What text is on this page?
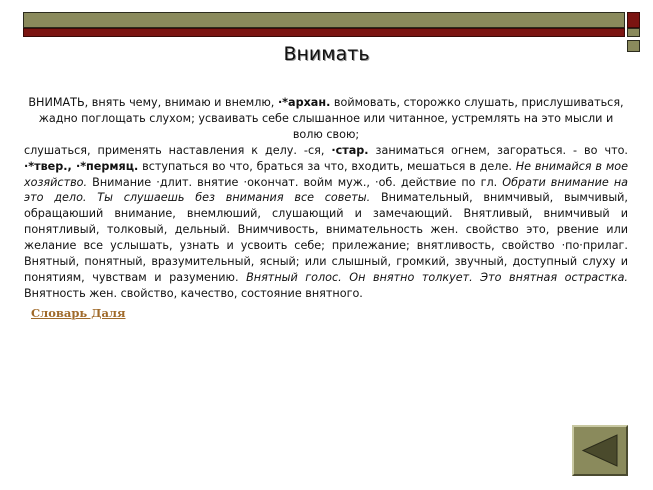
Внимать
ВНИМАТЬ, внять чему, внимаю и внемлю, ·*архан. воймовать, сторожко слушать, прислушиваться, жадно поглощать слухом; усваивать себе слышанное или читанное, устремлять на это мысли и волю свою;
слушаться, применять наставления к делу. -ся, ·стар. заниматься огнем, загораться. - во что. ·*твер., ·*пермяц. вступаться во что, браться за что, входить, мешаться в деле. Не внимайся в мое хозяйство. Внимание ·длит. внятие ·окончат. войм муж., ·об. действие по гл. Обрати внимание на это дело. Ты слушаешь без внимания все советы. Внимательный, внимчивый, вымчивый, обращаюший внимание, внемлюший, слушающий и замечающий. Внятливый, внимчивый и понятливый, толковый, дельный. Внимчивость, внимательность жен. свойство это, рвение или желание все услышать, узнать и усвоить себе; прилежание; внятливость, свойство ·по·прилаг. Внятный, понятный, вразумительный, ясный; или слышный, громкий, звучный, доступный слуху и понятиям, чувствам и разумению. Внятный голос. Он внятно толкует. Это внятная острастка. Внятность жен. свойство, качество, состояние внятного.
Словарь Даля
